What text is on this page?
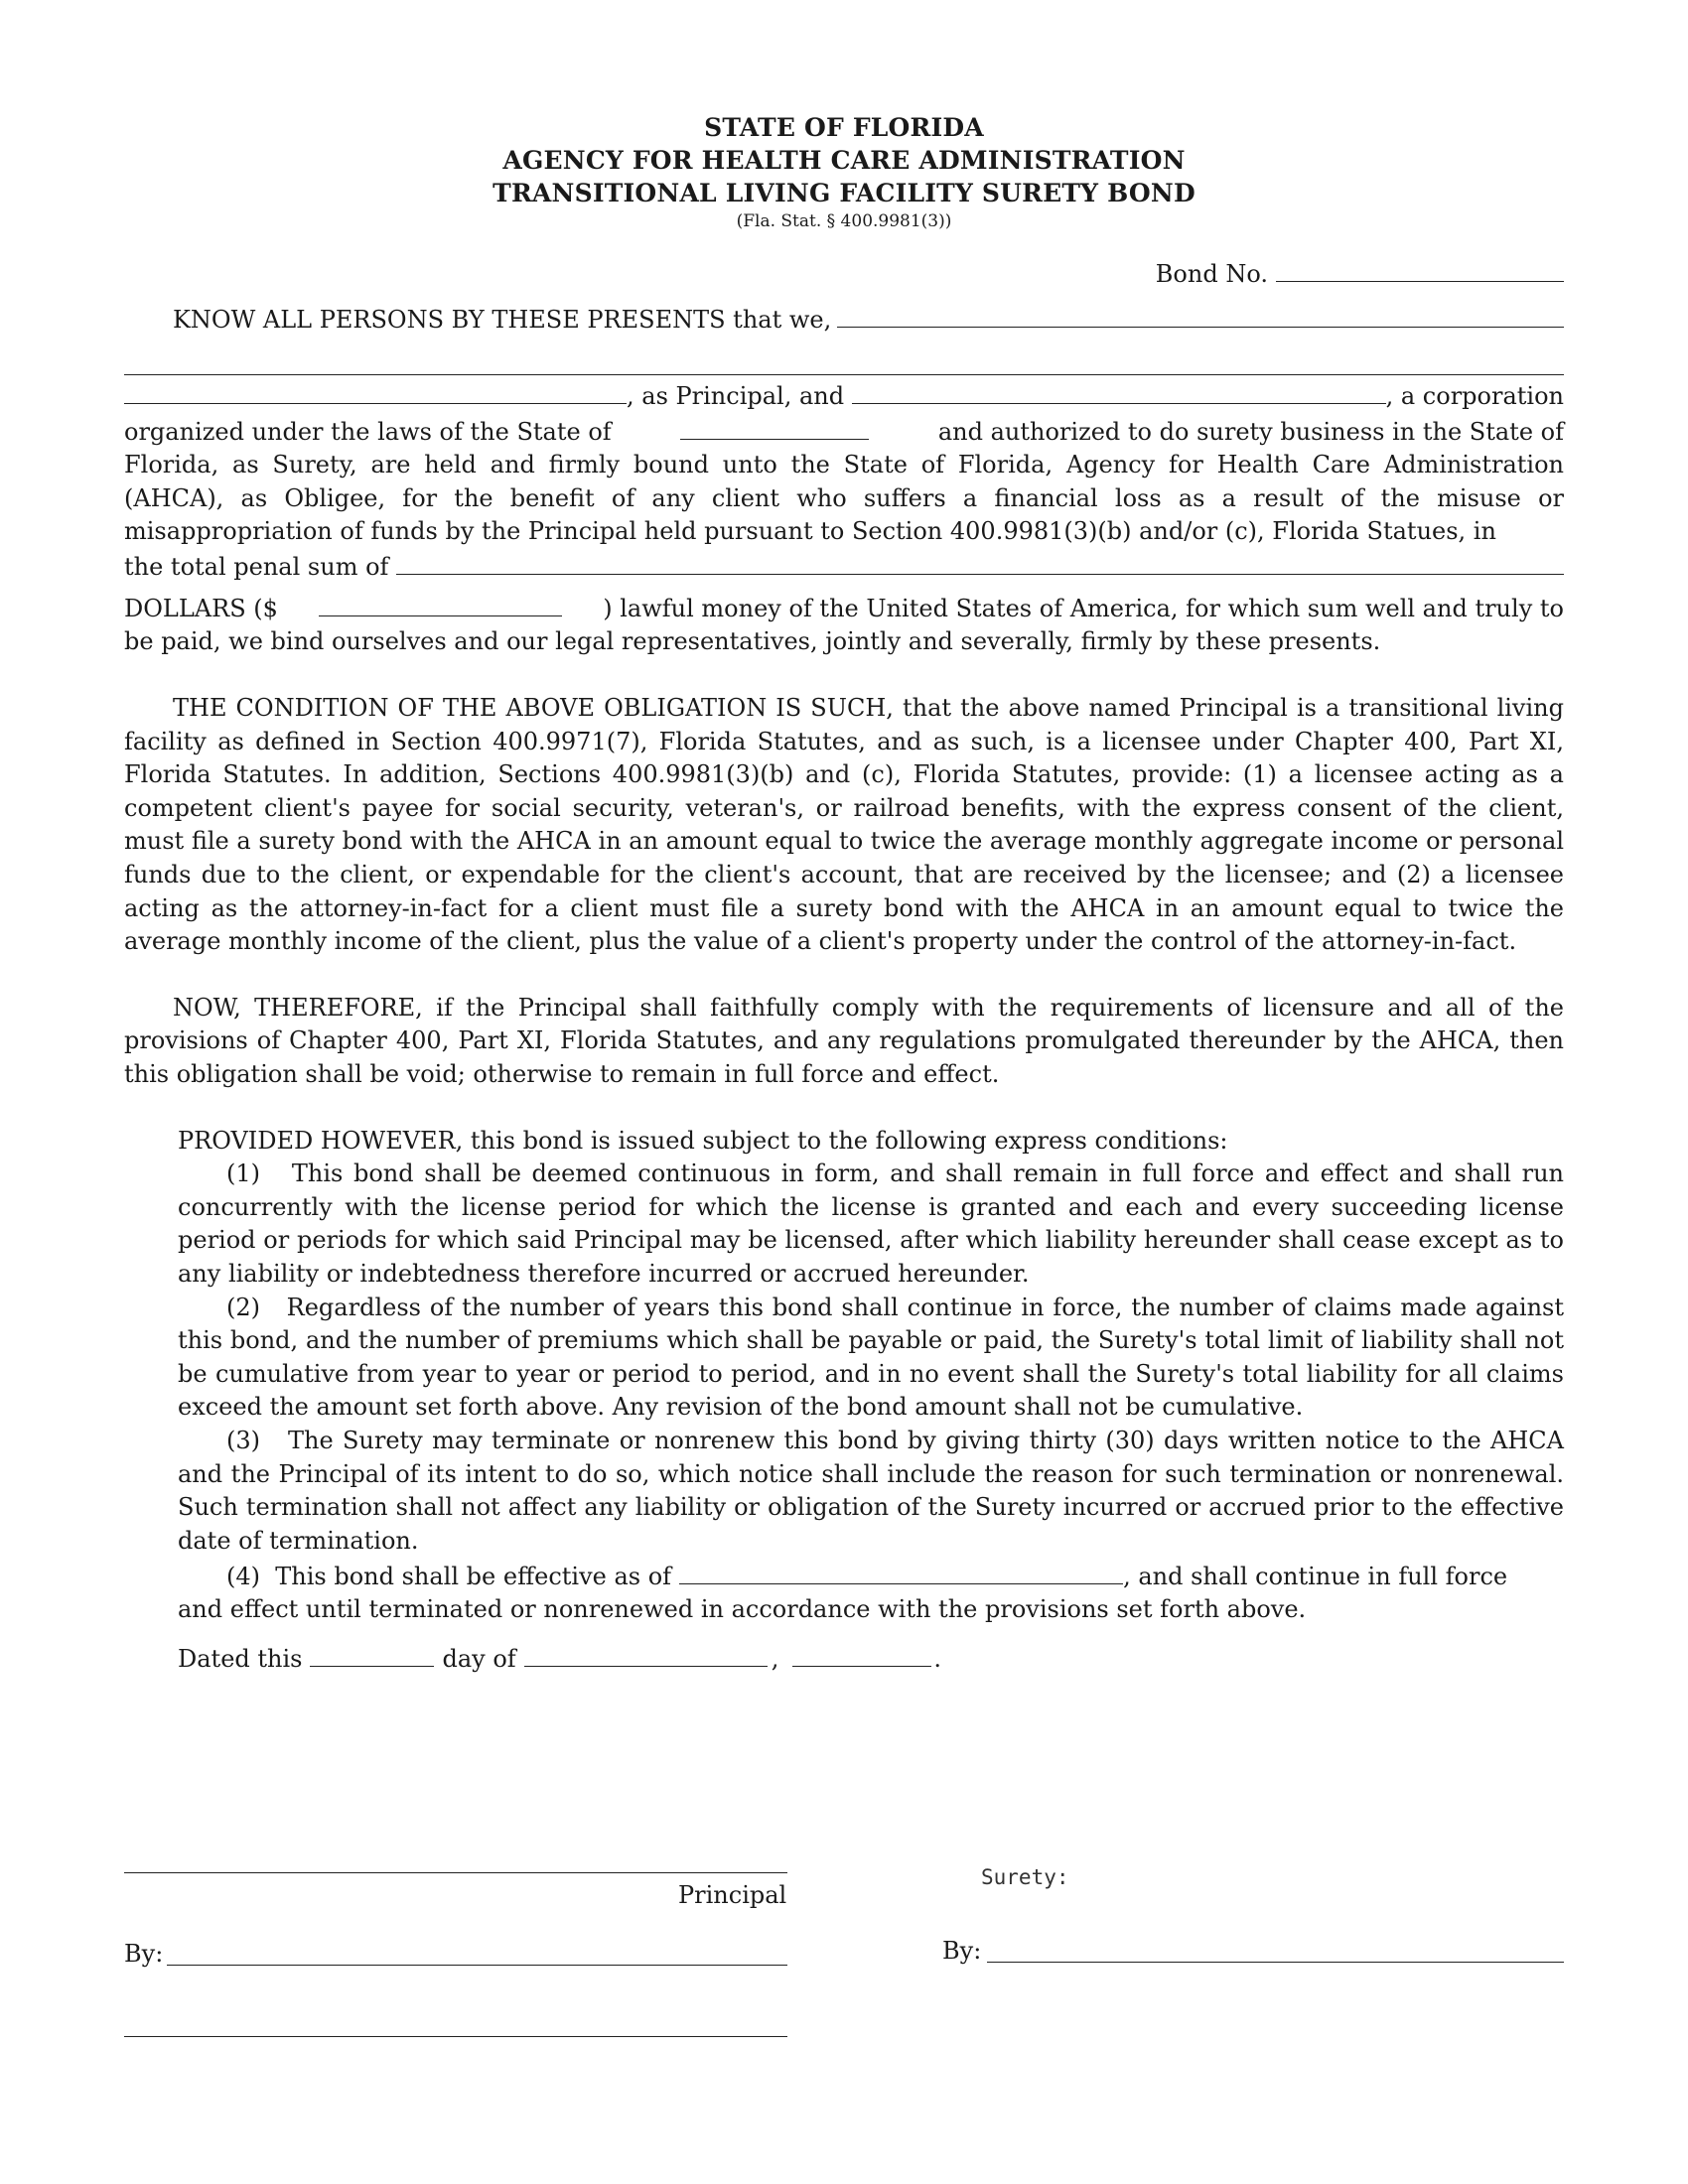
STATE OF FLORIDA
AGENCY FOR HEALTH CARE ADMINISTRATION
TRANSITIONAL LIVING FACILITY SURETY BOND
(Fla. Stat. § 400.9981(3))
Bond No.
KNOW ALL PERSONS BY THESE PRESENTS that we,
, as Principal, and	, a corporation
organized under the laws of the State of	and authorized to do surety business in the State of
Florida, as Surety, are held and firmly bound unto the State of Florida, Agency for Health Care Administration (AHCA), as Obligee, for the benefit of any client who suffers a financial loss as a result of the misuse or misappropriation of funds by the Principal held pursuant to Section 400.9981(3)(b) and/or (c), Florida Statues, in
the total penal sum of
DOLLARS ($	) lawful money of the United States of America, for which sum well and truly to
be paid, we bind ourselves and our legal representatives, jointly and severally, firmly by these presents.
THE CONDITION OF THE ABOVE OBLIGATION IS SUCH, that the above named Principal is a transitional living facility as defined in Section 400.9971(7), Florida Statutes, and as such, is a licensee under Chapter 400, Part XI, Florida Statutes. In addition, Sections 400.9981(3)(b) and (c), Florida Statutes, provide: (1) a licensee acting as a competent client's payee for social security, veteran's, or railroad benefits, with the express consent of the client, must file a surety bond with the AHCA in an amount equal to twice the average monthly aggregate income or personal funds due to the client, or expendable for the client's account, that are received by the licensee; and (2) a licensee acting as the attorney-in-fact for a client must file a surety bond with the AHCA in an amount equal to twice the average monthly income of the client, plus the value of a client's property under the control of the attorney-in-fact.
NOW, THEREFORE, if the Principal shall faithfully comply with the requirements of licensure and all of the provisions of Chapter 400, Part XI, Florida Statutes, and any regulations promulgated thereunder by the AHCA, then this obligation shall be void; otherwise to remain in full force and effect.
PROVIDED HOWEVER, this bond is issued subject to the following express conditions:
(1)   This bond shall be deemed continuous in form, and shall remain in full force and effect and shall run concurrently with the license period for which the license is granted and each and every succeeding license period or periods for which said Principal may be licensed, after which liability hereunder shall cease except as to any liability or indebtedness therefore incurred or accrued hereunder.
(2)   Regardless of the number of years this bond shall continue in force, the number of claims made against this bond, and the number of premiums which shall be payable or paid, the Surety's total limit of liability shall not be cumulative from year to year or period to period, and in no event shall the Surety's total liability for all claims exceed the amount set forth above. Any revision of the bond amount shall not be cumulative.
(3)   The Surety may terminate or nonrenew this bond by giving thirty (30) days written notice to the AHCA and the Principal of its intent to do so, which notice shall include the reason for such termination or nonrenewal. Such termination shall not affect any liability or obligation of the Surety incurred or accrued prior to the effective date of termination.
(4)  This bond shall be effective as of	, and shall continue in full force
and effect until terminated or nonrenewed in accordance with the provisions set forth above.
Dated this	day of	,	.
Principal
Surety:
By:	By:
